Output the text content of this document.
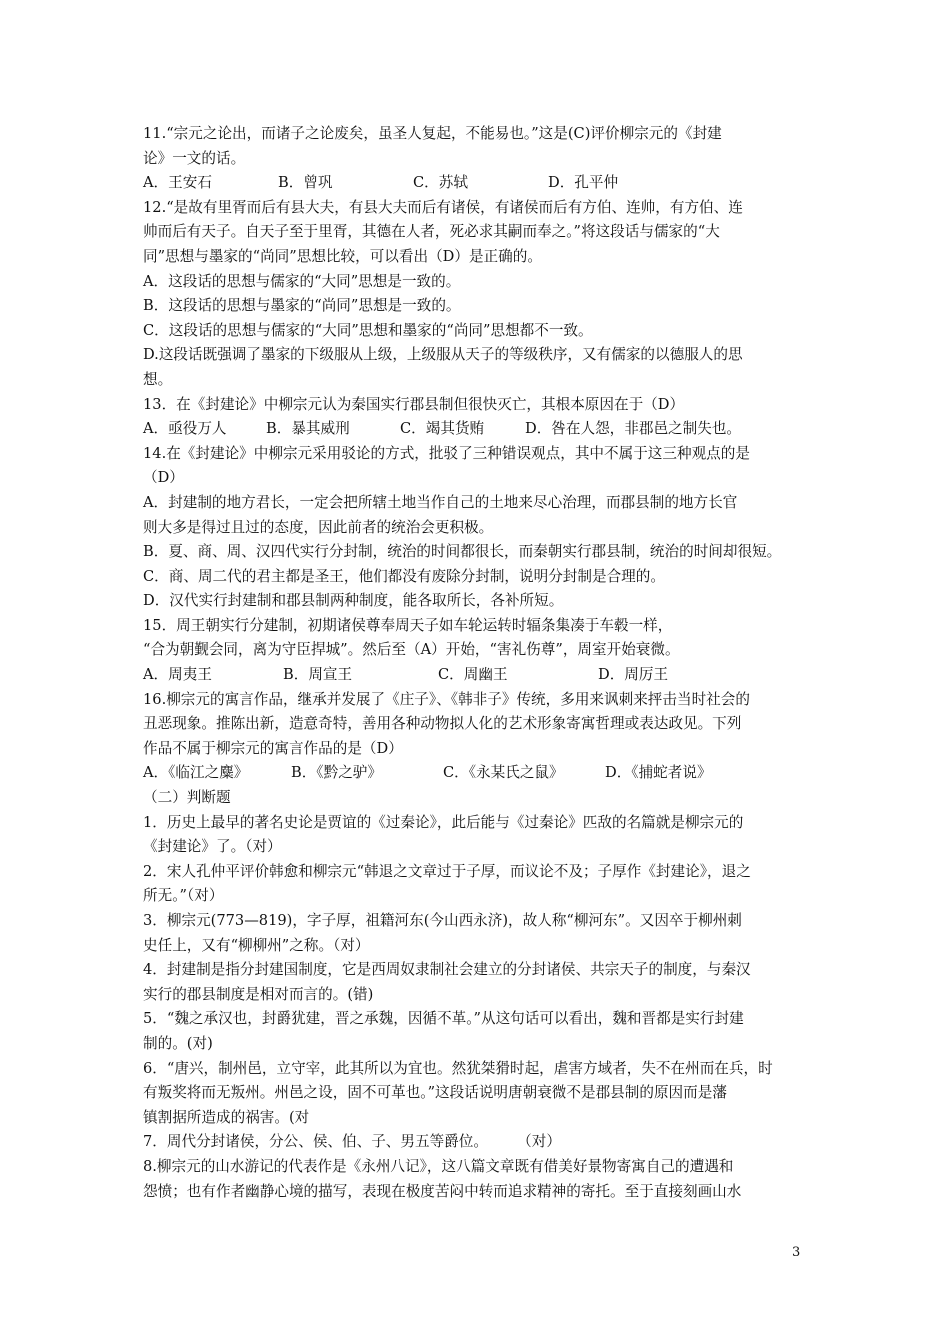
11.“宗元之论出，而诸子之论废矣，虽圣人复起，不能易也。”这是(C)评价柳宗元的《封建

论》一文的话。

A．王安石	B．曾巩	C．苏轼	D．孔平仲

12.“是故有里胥而后有县大夫，有县大夫而后有诸侯，有诸侯而后有方伯、连帅，有方伯、连

帅而后有天子。自天子至于里胥，其德在人者，死必求其嗣而奉之。”将这段话与儒家的“大

同”思想与墨家的“尚同”思想比较，可以看出（D）是正确的。

A．这段话的思想与儒家的“大同”思想是一致的。

B．这段话的思想与墨家的“尚同”思想是一致的。

C．这段话的思想与儒家的“大同”思想和墨家的“尚同”思想都不一致。

D.这段话既强调了墨家的下级服从上级，上级服从天子的等级秩序，又有儒家的以德服人的思

想。

13．在《封建论》中柳宗元认为秦国实行郡县制但很快灭亡，其根本原因在于（D）

A．亟役万人	B．暴其威刑	C．竭其货贿	D．咎在人怨，非郡邑之制失也。

14.在《封建论》中柳宗元采用驳论的方式，批驳了三种错误观点，其中不属于这三种观点的是

（D）

A．封建制的地方君长，一定会把所辖土地当作自己的土地来尽心治理，而郡县制的地方长官

则大多是得过且过的态度，因此前者的统治会更积极。

B．夏、商、周、汉四代实行分封制，统治的时间都很长，而秦朝实行郡县制，统治的时间却很短。

C．商、周二代的君主都是圣王，他们都没有废除分封制，说明分封制是合理的。

D．汉代实行封建制和郡县制两种制度，能各取所长，各补所短。

15．周王朝实行分建制，初期诸侯尊奉周天子如车轮运转时辐条集凑于车毂一样，

“合为朝觐会同，离为守臣捍城”。然后至（A）开始，“害礼伤尊”，周室开始衰微。

A．周夷王	B．周宣王	C．周幽王	D．周厉王

16.柳宗元的寓言作品，继承并发展了《庄子》、《韩非子》传统，多用来讽刺来抨击当时社会的

丑恶现象。推陈出新，造意奇特，善用各种动物拟人化的艺术形象寄寓哲理或表达政见。下列

作品不属于柳宗元的寓言作品的是（D）

A．《临江之麋》	B．《黔之驴》	C．《永某氏之鼠》	D．《捕蛇者说》

（二）判断题

1．历史上最早的著名史论是贾谊的《过秦论》，此后能与《过秦论》匹敌的名篇就是柳宗元的

《封建论》了。（对）

2．宋人孔仲平评价韩愈和柳宗元“韩退之文章过于子厚，而议论不及；子厚作《封建论》，退之

所无。”（对）

3．柳宗元(773—819)，字子厚，祖籍河东(今山西永济)，故人称“柳河东”。又因卒于柳州刺

史任上，又有“柳柳州”之称。（对）

4．封建制是指分封建国制度，它是西周奴隶制社会建立的分封诸侯、共宗天子的制度，与秦汉

实行的郡县制度是相对而言的。(错)

5．“魏之承汉也，封爵犹建，晋之承魏，因循不革。”从这句话可以看出，魏和晋都是实行封建

制的。(对)

6．“唐兴，制州邑，立守宰，此其所以为宜也。然犹桀猾时起，虐害方域者，失不在州而在兵，时

有叛奖将而无叛州。州邑之设，固不可革也。”这段话说明唐朝衰微不是郡县制的原因而是藩

镇割据所造成的祸害。(对

7．周代分封诸侯，分公、侯、伯、子、男五等爵位。　　　（对）

8.柳宗元的山水游记的代表作是《永州八记》，这八篇文章既有借美好景物寄寓自己的遭遇和

怨愤；也有作者幽静心境的描写，表现在极度苦闷中转而追求精神的寄托。至于直接刻画山水

3
